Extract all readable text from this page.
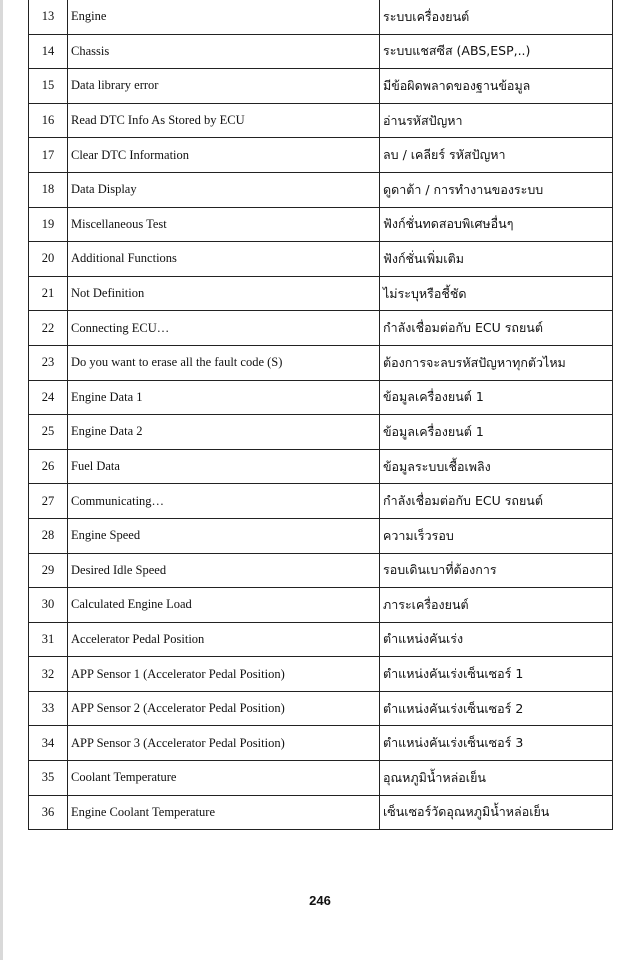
13	Engine	ระบบเครื่องยนต์
14	Chassis	ระบบแชสซีส (ABS,ESP,..)
15	Data library error	มีข้อผิดพลาดของฐานข้อมูล
16	Read DTC Info As Stored by ECU	อ่านรหัสปัญหา
17	Clear DTC Information	ลบ / เคลียร์ รหัสปัญหา
18	Data Display	ดูดาต้า / การทำงานของระบบ
19	Miscellaneous Test	ฟังก์ชั่นทดสอบพิเศษอื่นๆ
20	Additional Functions	ฟังก์ชั่นเพิ่มเติม
21	Not Definition	ไม่ระบุหรือชี้ชัด
22	Connecting ECU…	กำลังเชื่อมต่อกับ ECU รถยนต์
23	Do you want to erase all the fault code (S)	ต้องการจะลบรหัสปัญหาทุกตัวไหม
24	Engine Data 1	ข้อมูลเครื่องยนต์ 1
25	Engine Data 2	ข้อมูลเครื่องยนต์ 1
26	Fuel Data	ข้อมูลระบบเชื้อเพลิง
27	Communicating…	กำลังเชื่อมต่อกับ ECU รถยนต์
28	Engine Speed	ความเร็วรอบ
29	Desired Idle Speed	รอบเดินเบาที่ต้องการ
30	Calculated Engine Load	ภาระเครื่องยนต์
31	Accelerator Pedal Position	ตำแหน่งคันเร่ง
32	APP Sensor 1 (Accelerator Pedal Position)	ตำแหน่งคันเร่งเซ็นเซอร์ 1
33	APP Sensor 2 (Accelerator Pedal Position)	ตำแหน่งคันเร่งเซ็นเซอร์ 2
34	APP Sensor 3 (Accelerator Pedal Position)	ตำแหน่งคันเร่งเซ็นเซอร์ 3
35	Coolant Temperature	อุณหภูมิน้ำหล่อเย็น
36	Engine Coolant Temperature	เซ็นเซอร์วัดอุณหภูมิน้ำหล่อเย็น
246
